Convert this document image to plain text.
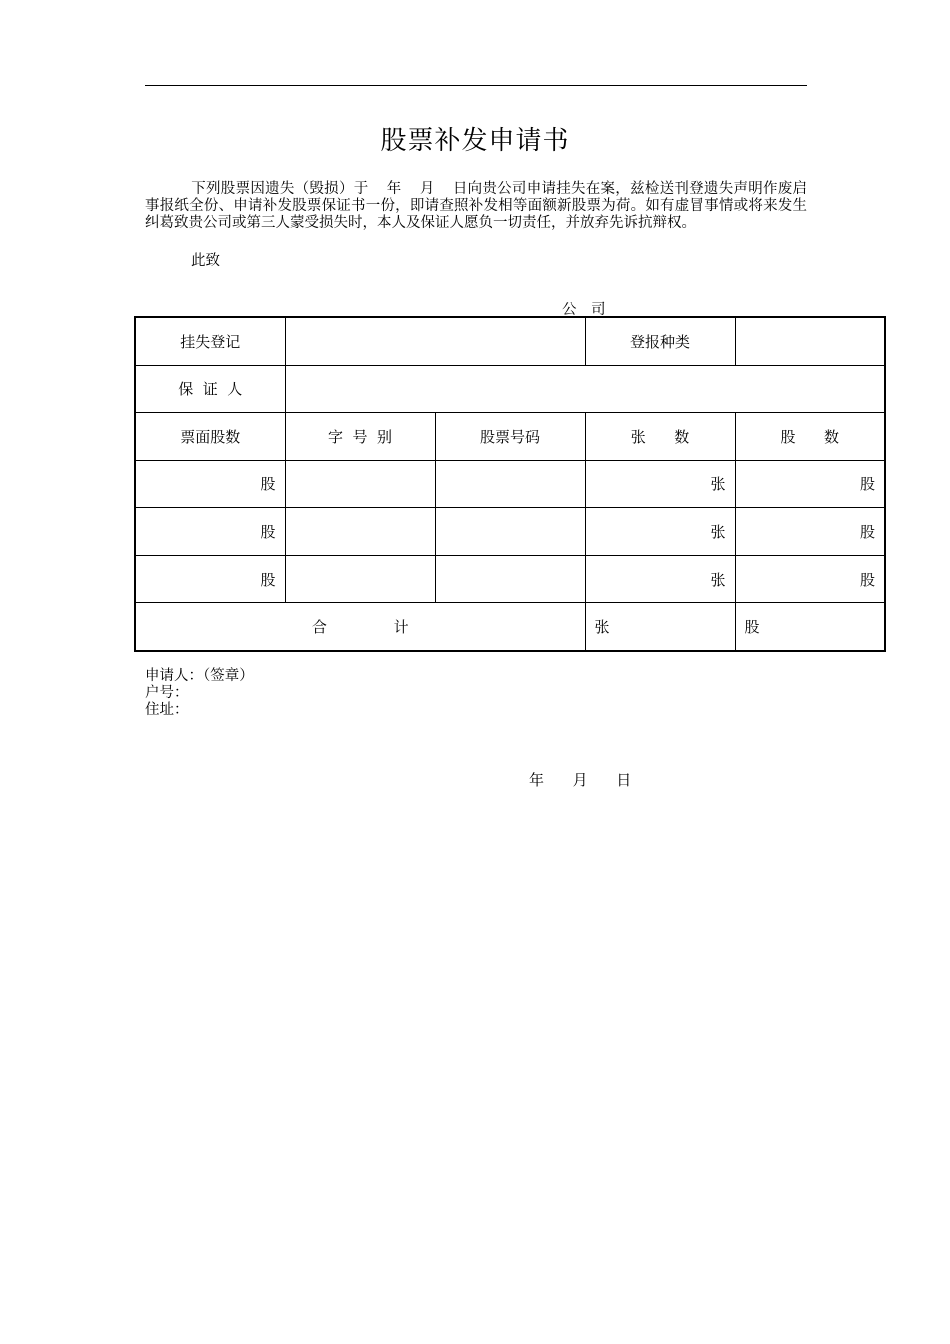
股票补发申请书
下列股票因遗失（毁损）于 年 月 日向贵公司申请挂失在案，兹检送刊登遗失声明作废启事报纸全份、申请补发股票保证书一份，即请查照补发相等面额新股票为荷。如有虚冒事情或将来发生纠葛致贵公司或第三人蒙受损失时，本人及保证人愿负一切责任，并放弃先诉抗辩权。
此致
公　司
挂失登记			登报种类	
保  证  人				
票面股数	字  号  别	股票号码	张      数	股      数
股			张	股
股			张	股
股			张	股
合              计			张	股
申请人：（签章）
户号：
住址：
年      月      日
